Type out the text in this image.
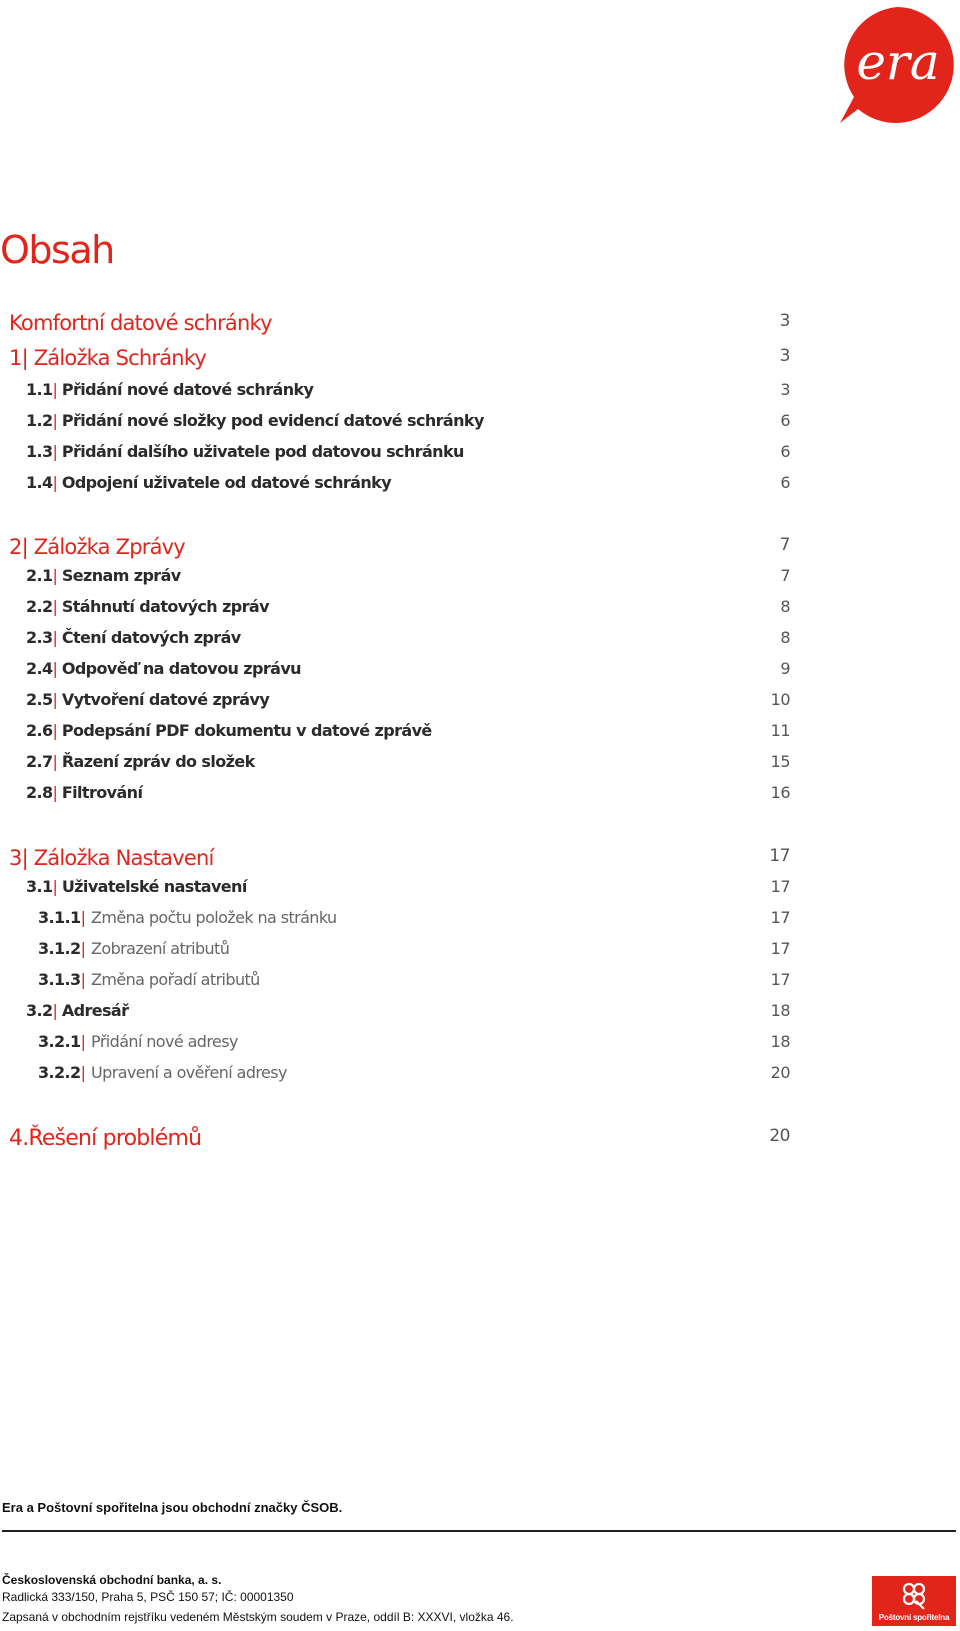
era
Obsah
Komfortní datové schránky	3
1| Záložka Schránky	3
1.1| Přidání nové datové schránky	3
1.2| Přidání nové složky pod evidencí datové schránky	6
1.3| Přidání dalšího uživatele pod datovou schránku	6
1.4| Odpojení uživatele od datové schránky	6
2| Záložka Zprávy	7
2.1| Seznam zpráv	7
2.2| Stáhnutí datových zpráv	8
2.3| Čtení datových zpráv	8
2.4| Odpověď na datovou zprávu	9
2.5| Vytvoření datové zprávy	10
2.6| Podepsání PDF dokumentu v datové zprávě	11
2.7| Řazení zpráv do složek	15
2.8| Filtrování	16
3| Záložka Nastavení	17
3.1| Uživatelské nastavení	17
3.1.1| Změna počtu položek na stránku	17
3.1.2| Zobrazení atributů	17
3.1.3| Změna pořadí atributů	17
3.2| Adresář	18
3.2.1| Přidání nové adresy	18
3.2.2| Upravení a ověření adresy	20
4.Řešení problémů	20
Era a Poštovní spořitelna jsou obchodní značky ČSOB.
Československá obchodní banka, a. s.
Radlická 333/150, Praha 5, PSČ 150 57; IČ: 00001350
Zapsaná v obchodním rejstříku vedeném Městským soudem v Praze, oddíl B: XXXVI, vložka 46.	Poštovní spořitelna
